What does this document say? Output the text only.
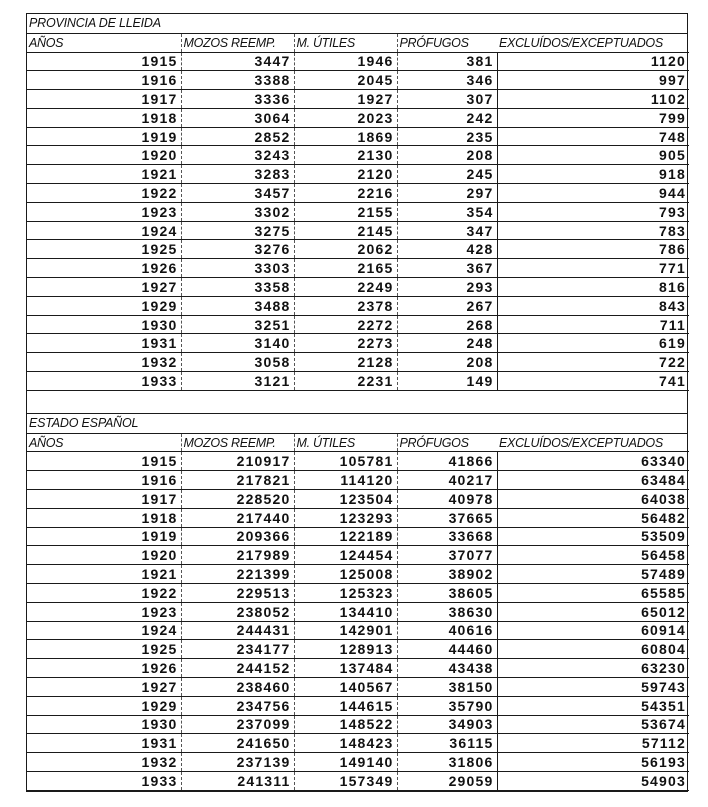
PROVINCIA DE LLEIDA
AÑOS	MOZOS REEMP.	M. ÚTILES	PRÓFUGOS	EXCLUÍDOS/EXCEPTUADOS
1915	3447	1946	381	1120
1916	3388	2045	346	997
1917	3336	1927	307	1102
1918	3064	2023	242	799
1919	2852	1869	235	748
1920	3243	2130	208	905
1921	3283	2120	245	918
1922	3457	2216	297	944
1923	3302	2155	354	793
1924	3275	2145	347	783
1925	3276	2062	428	786
1926	3303	2165	367	771
1927	3358	2249	293	816
1929	3488	2378	267	843
1930	3251	2272	268	711
1931	3140	2273	248	619
1932	3058	2128	208	722
1933	3121	2231	149	741
ESTADO ESPAÑOL
AÑOS	MOZOS REEMP.	M. ÚTILES	PRÓFUGOS	EXCLUÍDOS/EXCEPTUADOS
1915	210917	105781	41866	63340
1916	217821	114120	40217	63484
1917	228520	123504	40978	64038
1918	217440	123293	37665	56482
1919	209366	122189	33668	53509
1920	217989	124454	37077	56458
1921	221399	125008	38902	57489
1922	229513	125323	38605	65585
1923	238052	134410	38630	65012
1924	244431	142901	40616	60914
1925	234177	128913	44460	60804
1926	244152	137484	43438	63230
1927	238460	140567	38150	59743
1929	234756	144615	35790	54351
1930	237099	148522	34903	53674
1931	241650	148423	36115	57112
1932	237139	149140	31806	56193
1933	241311	157349	29059	54903
